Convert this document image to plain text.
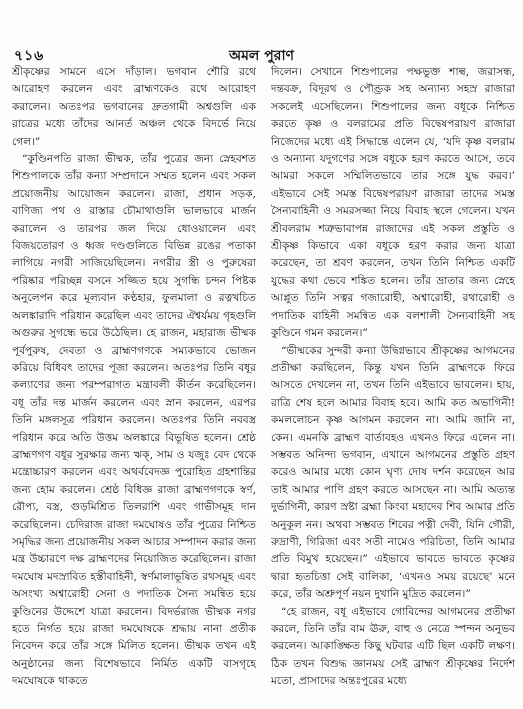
৭১৬	অমল পুরাণ

শ্রীকৃষ্ণের সামনে এসে দাঁড়াল। ভগবান শৌরি রথে আরোহণ করলেন এবং ব্রাহ্মণকেও রথে আরোহণ করালেন। অতঃপর ভগবানের দ্রুতগামী অশ্বগুলি এক রাত্রের মধ্যে তাঁদের আনর্ত অঞ্চল থেকে বিদর্ভে নিয়ে গেল।”

“কুণ্ডিনপতি রাজা ভীষ্মক, তাঁর পুত্রের জন্য স্নেহবশত শিশুপালকে তাঁর কন্যা সম্প্রদানে সম্মত হলেন এবং সকল প্রয়োজনীয় আয়োজন করলেন। রাজা, প্রধান সড়ক, বাণিজ্য পথ ও রাস্তার চৌমাথাগুলি ভালভাবে মার্জন করালেন ও তারপর জল দিয়ে ধোওয়ালেন এবং বিজয়তোরণ ও ধ্বজ দণ্ডগুলিতে বিভিন্ন রঙের পতাকা লাগিয়ে নগরী সাজিয়েছিলেন। নগরীর স্ত্রী ও পুরুষেরা পরিষ্কার পরিচ্ছন্ন বসনে সজ্জিত হয়ে সুগন্ধি চন্দন পিষ্টক অনুলেপন করে মূল্যবান কণ্ঠহার, ফুলমালা ও রত্নখচিত অলঙ্কারাদি পরিধান করেছিল এবং তাদের ঐশ্বর্যময় গৃহগুলি অগুরুর সুগন্ধে ভরে উঠেছিল। হে রাজন, মহারাজ ভীষ্মক পূর্বপুরুষ, দেবতা ও ব্রাহ্মণগণকে সম্যকভাবে ভোজন করিয়ে বিধিবৎ তাদের পূজা করলেন। অতঃপর তিনি বধূর কল্যাণের জন্য পরম্পরাগত মন্ত্রাবলী কীর্তন করেছিলেন। বধূ তাঁর দন্ত মার্জন করলেন এবং স্নান করলেন, এরপর তিনি মঙ্গলসূত্র পরিধান করলেন। অতঃপর তিনি নববস্ত্র পরিধান করে অতি উত্তম অলঙ্কারে বিভূষিত হলেন। শ্রেষ্ঠ ব্রাহ্মণগণ বধূর সুরক্ষার জন্য ঋক্‌, সাম ও যজুঃ বেদ থেকে মন্ত্রোচ্চারণ করলেন এবং অথর্ববেদজ্ঞ পুরোহিত গ্রহশান্তির জন্য হোম করলেন। শ্রেষ্ঠ বিধিজ্ঞ রাজা ব্রাহ্মণগণকে স্বর্ণ, রৌপ্য, বস্ত্র, গুড়মিশ্রিত তিলরাশি এবং গাভীসমূহ দান করেছিলেন। চেদিরাজ রাজা দমঘোষও তাঁর পুত্রের নিশ্চিত সমৃদ্ধির জন্য প্রয়োজনীয় সকল আচার সম্পাদন করার জন্য মন্ত্র উচ্চারণে দক্ষ ব্রাহ্মণদের নিয়োজিত করেছিলেন। রাজা দমঘোষ মদস্রাবিত হস্তীবাহিনী, স্বর্ণমালাভূষিত রথসমূহ এবং অসংখ্য অশ্বারোহী সেনা ও পদাতিক সৈন্য সমন্বিত হয়ে কুণ্ডিনের উদ্দেশে যাত্রা করলেন। বিদর্ভরাজ ভীষ্মক নগর হতে নির্গত হয়ে রাজা দমঘোষকে শ্রদ্ধায় নানা প্রতীক নিবেদন করে তাঁর সঙ্গে মিলিত হলেন। ভীষ্মক তখন এই অনুষ্ঠানের জন্য বিশেষভাবে নির্মিত একটি বাসগৃহে দমঘোষকে থাকতে

দিলেন। সেখানে শিশুপালের পক্ষভুক্ত শাল্ব, জরাসন্ধ, দন্তবক্র, বিদূরথ ও পৌণ্ড্রক সহ অন্যান্য সহস্র রাজারা সকলেই এসেছিলেন। শিশুপালের জন্য বধূকে নিশ্চিত করতে কৃষ্ণ ও বলরামের প্রতি বিদ্বেষপরায়ণ রাজারা নিজেদের মধ্যে এই সিদ্ধান্তে এলেন যে, ‘যদি কৃষ্ণ বলরাম ও অন্যান্য যদুগণের সঙ্গে বধূকে হরণ করতে আসে, তবে আমরা সকলে সম্মিলিতভাবে তার সঙ্গে যুদ্ধ করব।’ এইভাবে সেই সমস্ত বিদ্বেষপরায়ণ রাজারা তাদের সমস্ত সৈন্যবাহিনী ও সমরসজ্জা নিয়ে বিবাহ স্থলে গেলেন। যখন শ্রীবলরাম শত্রুভাবাপন্ন রাজাদের এই সকল প্রস্তুতি ও শ্রীকৃষ্ণ কিভাবে একা বধূকে হরণ করার জন্য যাত্রা করেছেন, তা শ্রবণ করলেন, তখন তিনি নিশ্চিত একটি যুদ্ধের কথা ভেবে শঙ্কিত হলেন। তাঁর ভ্রাতার জন্য স্নেহে আপ্লুত তিনি সত্বর গজারোহী, অশ্বারোহী, রথারোহী ও পদাতিক বাহিনী সমন্বিত এক বলশালী সৈন্যবাহিনী সহ কুণ্ডিনে গমন করলেন।”

“ভীষ্মকের সুন্দরী কন্যা উদ্বিগ্নভাবে শ্রীকৃষ্ণের আগমনের প্রতীক্ষা করছিলেন, কিন্তু যখন তিনি ব্রাহ্মণকে ফিরে আসতে দেখলেন না, তখন তিনি এইভাবে ভাবলেন। হায়, রাত্রি শেষ হলে আমার বিবাহ হবে। আমি কত অভাগিনী! কমললোচন কৃষ্ণ আগমন করলেন না। আমি জানি না, কেন। এমনকি ব্রাহ্মণ বার্তাবহও এখনও ফিরে এলেন না। সম্ভবত অনিন্দ্য ভগবান, এখানে আগমনের প্রস্তুতি গ্রহণ করেও আমার মধ্যে কোন ঘৃণ্য দোষ দর্শন করেছেন আর তাই আমার পাণি গ্রহণ করতে আসছেন না। আমি অত্যন্ত দুর্ভাগিনী, কারণ স্রষ্টা ব্রহ্মা কিংবা মহাদেব শিব আমার প্রতি অনুকূল নন। অথবা সম্ভবত শিবের পত্নী দেবী, যিনি গৌরী, রুদ্রাণী, গিরিজা এবং সতী নামেও পরিচিতা, তিনি আমার প্রতি বিমুখ হয়েছেন।” এইভাবে ভাবতে ভাবতে কৃষ্ণের দ্বারা হৃতচিত্তা সেই বালিকা, ‘এখনও সময় রয়েছে’ মনে করে, তাঁর অশ্রুপূর্ণ নয়ন দুখানি মুদ্রিত করলেন।”

“হে রাজন, বধূ এইভাবে গোবিন্দের আগমনের প্রতীক্ষা করলে, তিনি তাঁর বাম ঊরু, বাহু ও নেত্রে স্পন্দন অনুভব করলেন। আকাঙ্ক্ষিত কিছু ঘটবার এটি ছিল একটি লক্ষণ। ঠিক তখন বিশুদ্ধ জ্ঞানময় সেই ব্রাহ্মণ শ্রীকৃষ্ণের নির্দেশ মতো, প্রাসাদের অন্তঃপুরের মধ্যে
